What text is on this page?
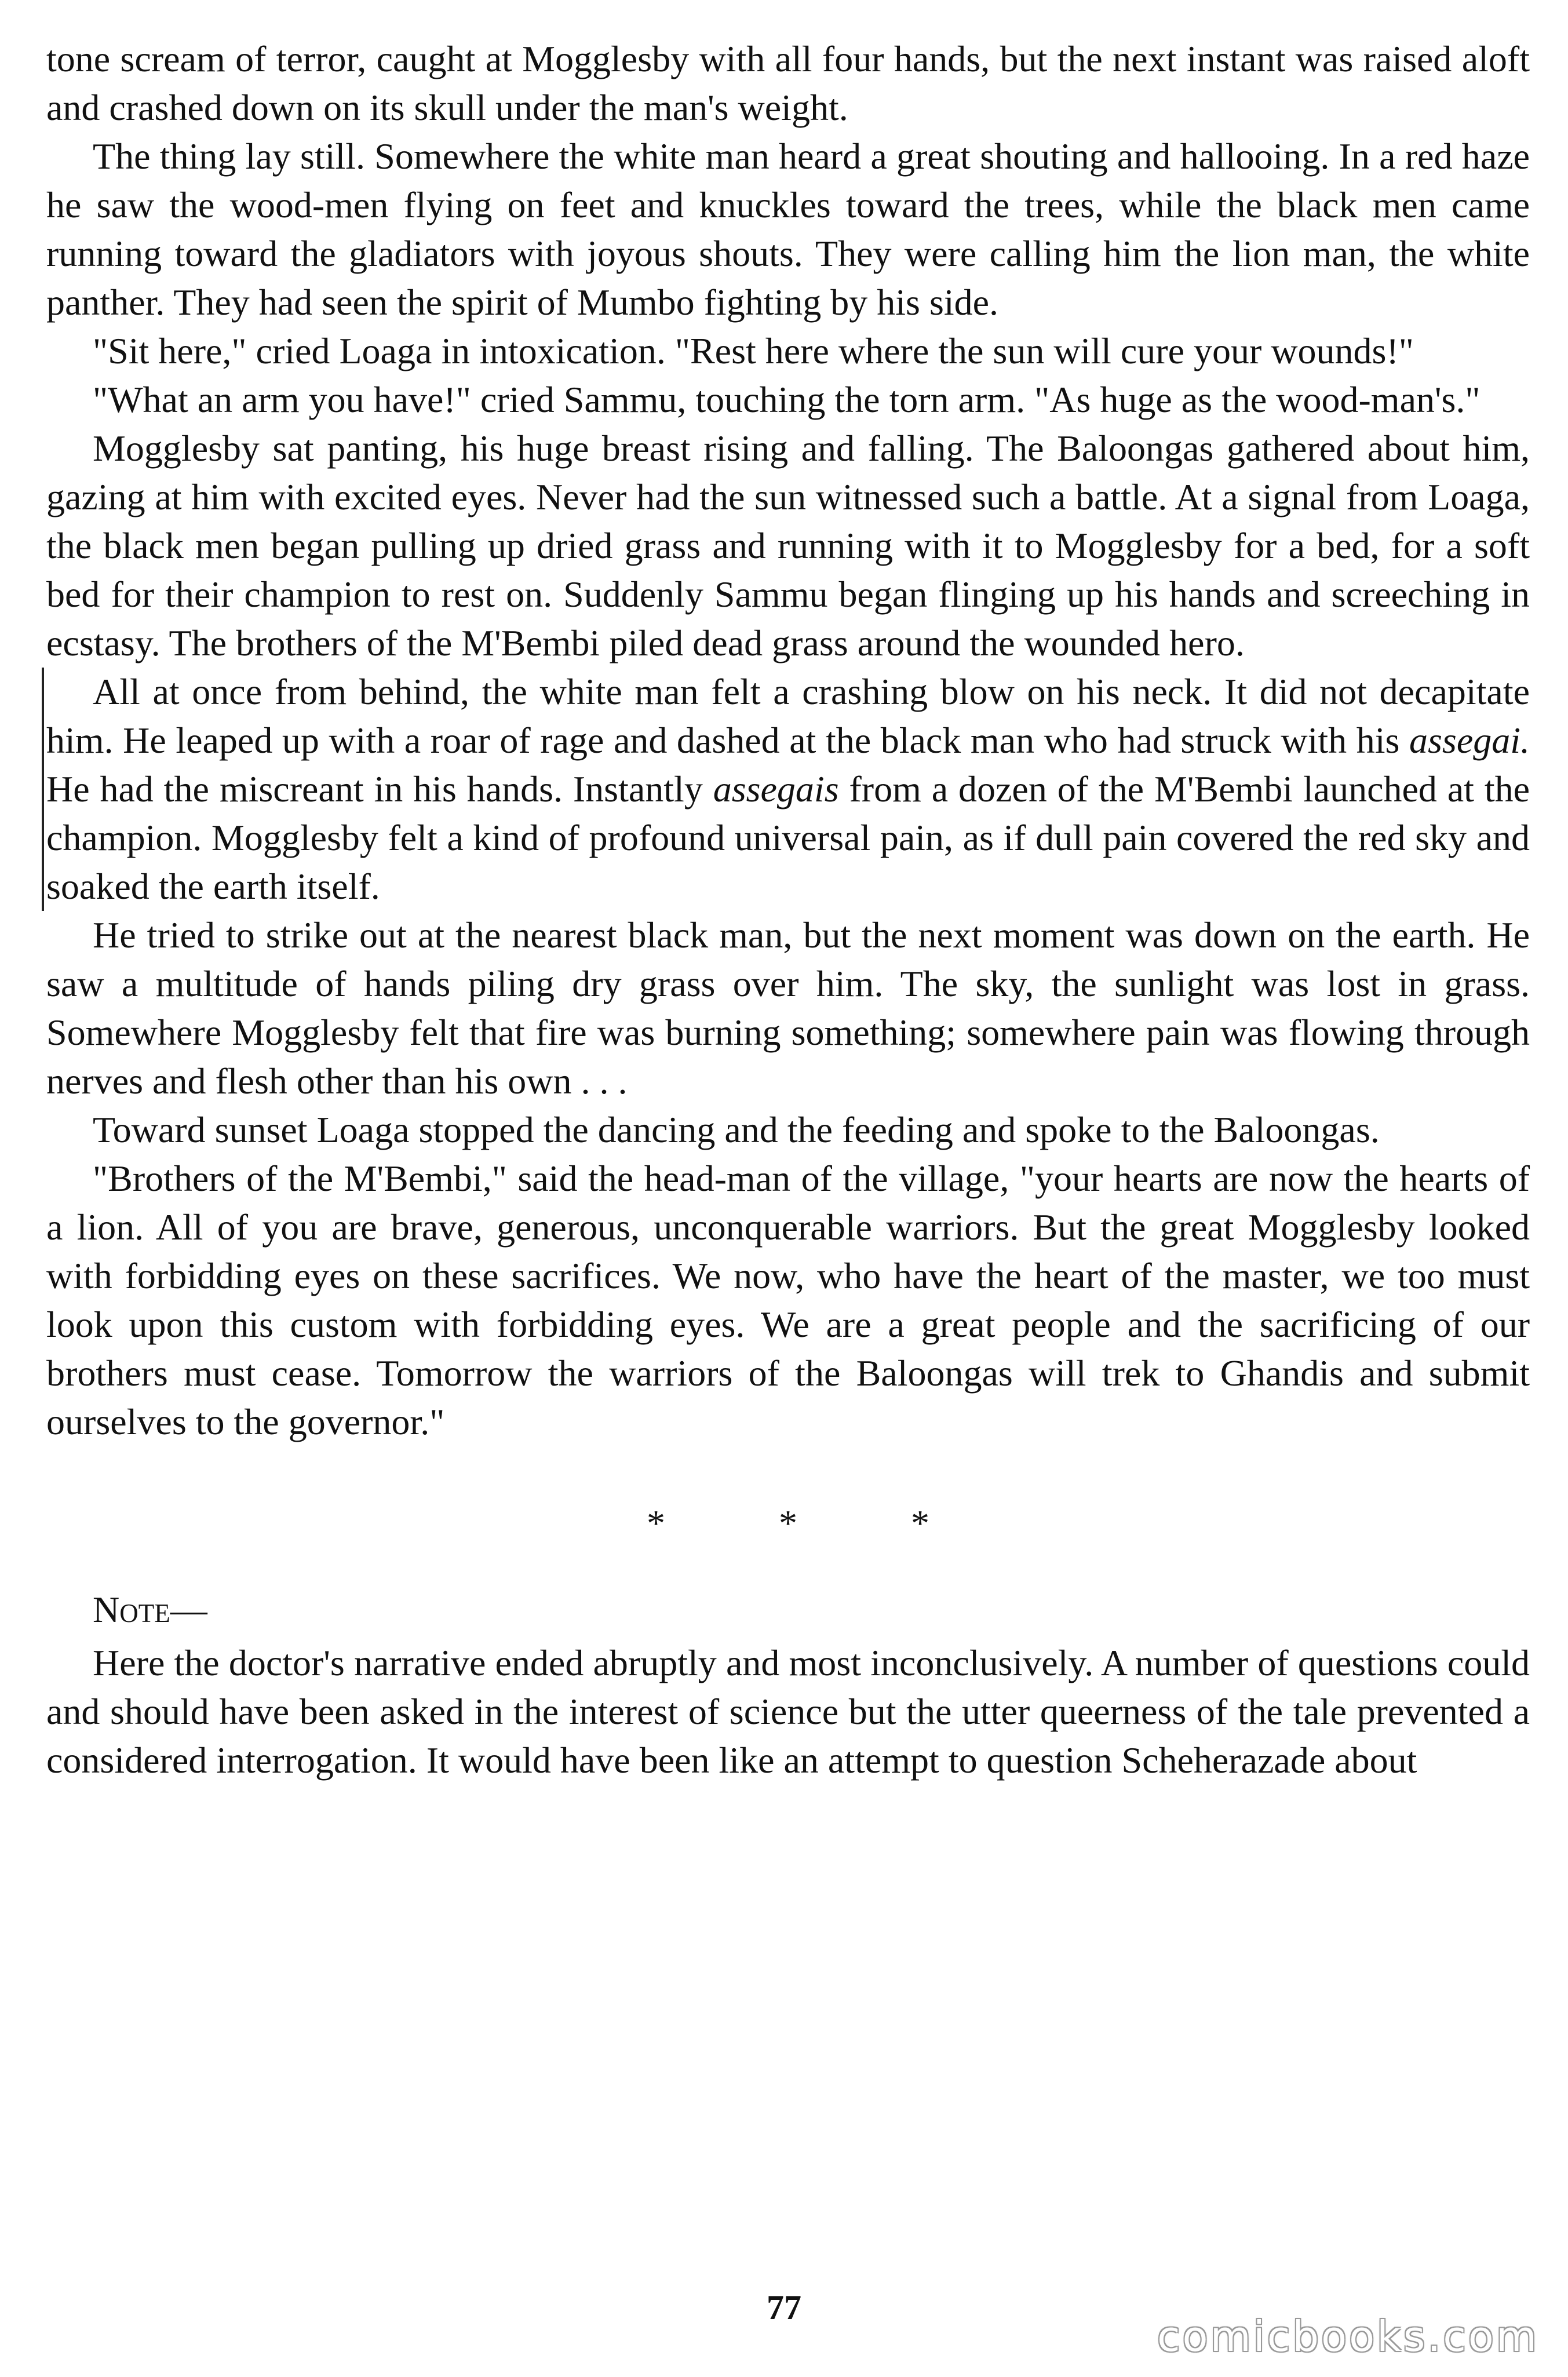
tone scream of terror, caught at Mogglesby with all four hands, but the next instant was raised aloft and crashed down on its skull under the man's weight.

The thing lay still. Somewhere the white man heard a great shouting and hallooing. In a red haze he saw the wood-men flying on feet and knuckles toward the trees, while the black men came running toward the gladiators with joyous shouts. They were calling him the lion man, the white panther. They had seen the spirit of Mumbo fighting by his side.

"Sit here," cried Loaga in intoxication. "Rest here where the sun will cure your wounds!"

"What an arm you have!" cried Sammu, touching the torn arm. "As huge as the wood-man's."

Mogglesby sat panting, his huge breast rising and falling. The Baloongas gathered about him, gazing at him with excited eyes. Never had the sun witnessed such a battle. At a signal from Loaga, the black men began pulling up dried grass and running with it to Mogglesby for a bed, for a soft bed for their champion to rest on. Suddenly Sammu began flinging up his hands and screeching in ecstasy. The brothers of the M'Bembi piled dead grass around the wounded hero.

All at once from behind, the white man felt a crashing blow on his neck. It did not decapitate him. He leaped up with a roar of rage and dashed at the black man who had struck with his assegai. He had the miscreant in his hands. Instantly assegais from a dozen of the M'Bembi launched at the champion. Mogglesby felt a kind of profound universal pain, as if dull pain covered the red sky and soaked the earth itself.

He tried to strike out at the nearest black man, but the next moment was down on the earth. He saw a multitude of hands piling dry grass over him. The sky, the sunlight was lost in grass. Somewhere Mogglesby felt that fire was burning something; somewhere pain was flowing through nerves and flesh other than his own . . .

Toward sunset Loaga stopped the dancing and the feeding and spoke to the Baloongas.

"Brothers of the M'Bembi," said the head-man of the village, "your hearts are now the hearts of a lion. All of you are brave, generous, unconquerable warriors. But the great Mogglesby looked with forbidding eyes on these sacrifices. We now, who have the heart of the master, we too must look upon this custom with forbidding eyes. We are a great people and the sacrificing of our brothers must cease. Tomorrow the warriors of the Baloongas will trek to Ghandis and submit ourselves to the governor."

* * *
Note—

Here the doctor's narrative ended abruptly and most inconclusively. A number of questions could and should have been asked in the interest of science but the utter queerness of the tale prevented a considered interrogation. It would have been like an attempt to question Scheherazade about

77
comicbooks.com
